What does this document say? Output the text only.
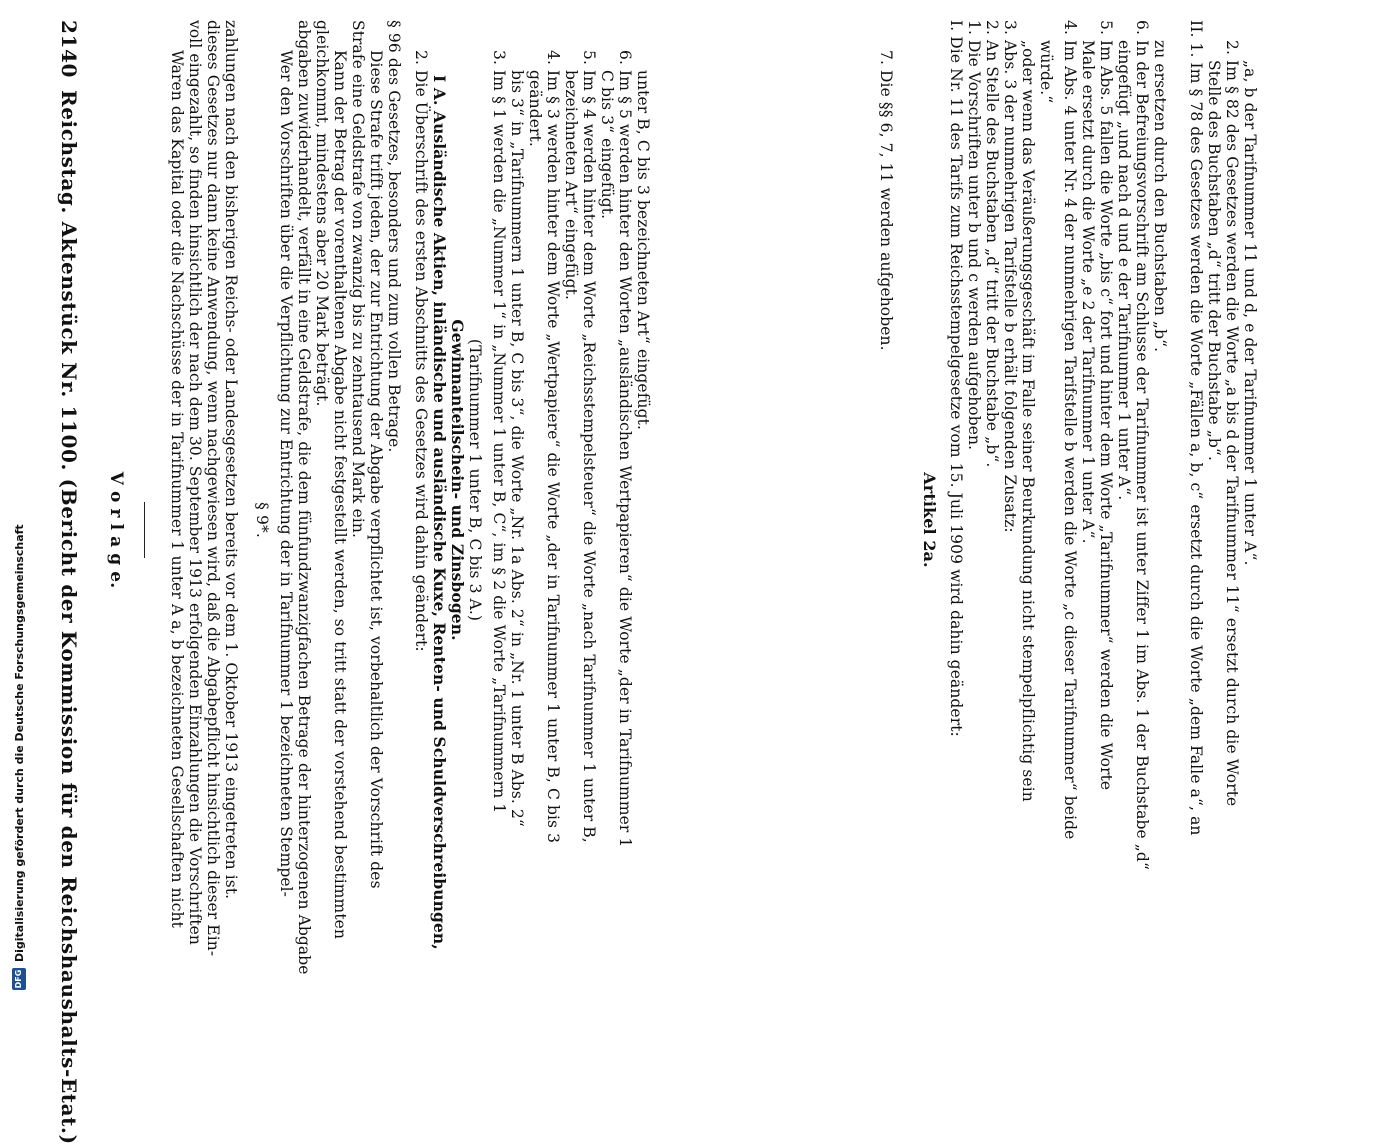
2140
Reichstag. Aktenstück Nr. 1100. (Bericht der Kommission für den Reichshaushalts-Etat.) V o r l a g e.	Waren das Kapital oder die Nachschüsse der in Tarifnummer 1 unter A a, b bezeichneten Gesellschaften nicht voll eingezahlt, so finden hinsichtlich der nach dem 30. September 1913 erfolgenden Einzahlungen die Vorschriften dieses Gesetzes nur dann keine Anwendung, wenn nachgewiesen wird, daß die Abgabepflicht hinsichtlich dieser Ein- zahlungen nach den bisherigen Reichs- oder Landesgesetzen bereits vor dem 1. Oktober 1913 eingetreten ist. § 9*. Wer den Vorschriften über die Verpflichtung zur Entrichtung der in Tarifnummer 1 bezeichneten Stempel- abgaben zuwiderhandelt, verfällt in eine Geldstrafe, die dem fünfundzwanzigfachen Betrage der hinterzogenen Abgabe gleichkommt, mindestens aber 20 Mark beträgt. Kann der Betrag der vorenthaltenen Abgabe nicht festgestellt werden, so tritt statt der vorstehend bestimmten Strafe eine Geldstrafe von zwanzig bis zu zehntausend Mark ein. Diese Strafe trifft jeden, der zur Entrichtung der Abgabe verpflichtet ist, vorbehaltlich der Vorschrift des § 96 des Gesetzes, besonders und zum vollen Betrage. 2. Die Überschrift des ersten Abschnitts des Gesetzes wird dahin geändert: I A. Ausländische Aktien, inländische und ausländische Kuxe, Renten- und Schuldverschreibungen, Gewinnanteilschein- und Zinsbogen. (Tarifnummer 1 unter B, C bis 3 A.) 3. Im § 1 werden die „Nummer 1“ in „Nummer 1 unter B, C“, im § 2 die Worte „Tarifnummern 1 bis 3“ in „Tarifnummern 1 unter B, C bis 3“, die Worte „Nr. 1a Abs. 2“ in „Nr. 1 unter B Abs. 2“ geändert. 4. Im § 3 werden hinter dem Worte „Wertpapiere“ die Worte „der in Tarifnummer 1 unter B, C bis 3 bezeichneten Art“ eingefügt. 5. Im § 4 werden hinter dem Worte „Reichsstempelsteuer“ die Worte „nach Tarifnummer 1 unter B, C bis 3“ eingefügt. 6. Im § 5 werden hinter den Worten „ausländischen Wertpapieren“ die Worte „der in Tarifnummer 1 unter B, C bis 3 bezeichneten Art“ eingefügt.	7. Die §§ 6, 7, 11 werden aufgehoben.
Artikel 2a. I. Die Nr. 11 des Tarifs zum Reichsstempelgesetze vom 15. Juli 1909 wird dahin geändert: 1. Die Vorschriften unter b und c werden aufgehoben. 2. An Stelle des Buchstaben „d“ tritt der Buchstabe „b“. 3. Abs. 3 der nunmehrigen Tarifstelle b erhält folgenden Zusatz: „oder wenn das Veräußerungsgeschäft im Falle seiner Beurkundung nicht stempelpflichtig sein würde.“ 4. Im Abs. 4 unter Nr. 4 der nunmehrigen Tarifstelle b werden die Worte „c dieser Tarifnummer“ beide Male ersetzt durch die Worte „e 2 der Tarifnummer 1 unter A“. 5. Im Abs. 5 fallen die Worte „bis c“ fort und hinter dem Worte „Tarifnummer“ werden die Worte eingefügt „und nach d und e der Tarifnummer 1 unter A“. 6. In der Befreiungsvorschrift am Schlusse der Tarifnummer ist unter Ziffer 1 im Abs. 1 der Buchstabe „d“ zu ersetzen durch den Buchstaben „b“. II. 1. Im § 78 des Gesetzes werden die Worte „Fällen a, b, c“ ersetzt durch die Worte „dem Falle a“, an Stelle des Buchstaben „d“ tritt der Buchstabe „b“. 2. Im § 82 des Gesetzes werden die Worte „a bis d der Tarifnummer 11“ ersetzt durch die Worte „a, b der Tarifnummer 11 und d, e der Tarifnummer 1 unter A“.
DFG
Digitalisierung gefördert durch die Deutsche Forschungsgemeinschaft
